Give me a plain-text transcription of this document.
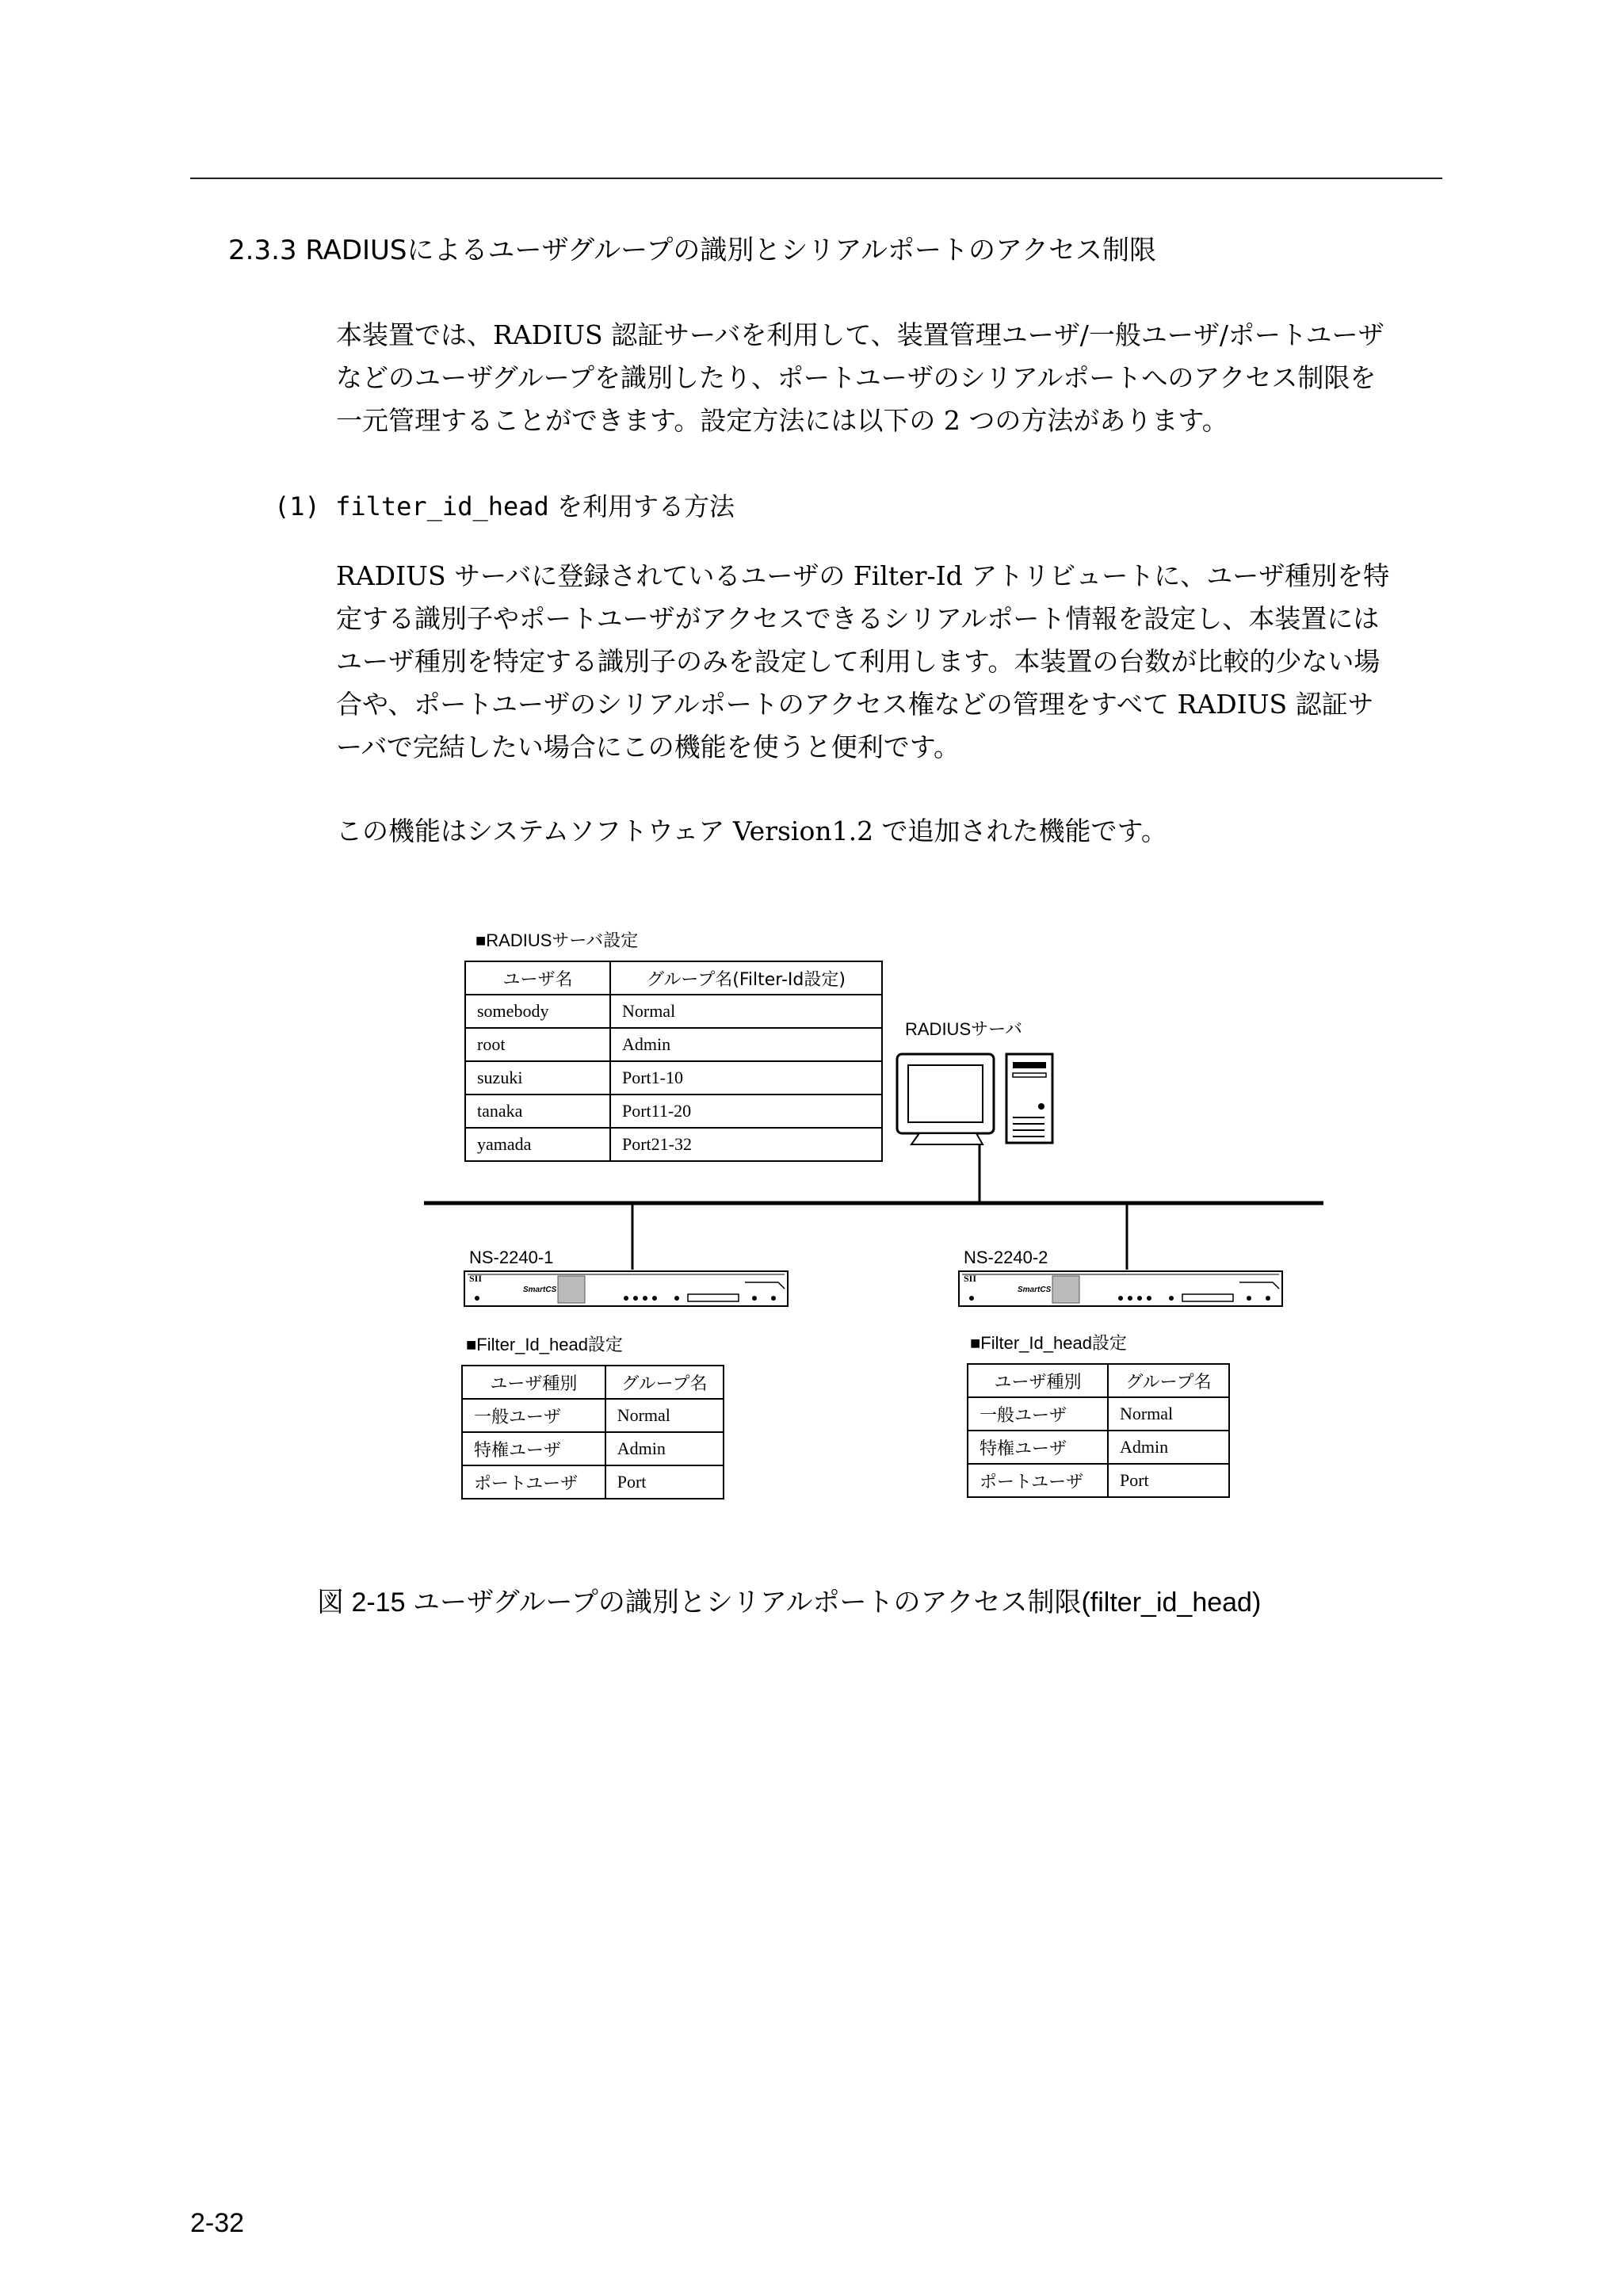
2.3.3 RADIUSによるユーザグループの識別とシリアルポートのアクセス制限
本装置では、RADIUS 認証サーバを利用して、装置管理ユーザ/一般ユーザ/ポートユーザ
などのユーザグループを識別したり、ポートユーザのシリアルポートへのアクセス制限を
一元管理することができます。設定方法には以下の 2 つの方法があります。
(1) filter_id_head を利用する方法
RADIUS サーバに登録されているユーザの Filter-Id アトリビュートに、ユーザ種別を特
定する識別子やポートユーザがアクセスできるシリアルポート情報を設定し、本装置には
ユーザ種別を特定する識別子のみを設定して利用します。本装置の台数が比較的少ない場
合や、ポートユーザのシリアルポートのアクセス権などの管理をすべて RADIUS 認証サ
ーバで完結したい場合にこの機能を使うと便利です。
この機能はシステムソフトウェア Version1.2 で追加された機能です。
SII
SmartCS
SII
SmartCS
■RADIUSサーバ設定
RADIUSサーバ
NS-2240-1	NS-2240-2
■Filter_Id_head設定	■Filter_Id_head設定
ユーザ名	グループ名(Filter-Id設定)
somebody	Normal
root	Admin
suzuki	Port1-10
tanaka	Port11-20
yamada	Port21-32
ユーザ種別	グループ名
一般ユーザ	Normal
特権ユーザ	Admin
ポートユーザ	Port
ユーザ種別	グループ名
一般ユーザ	Normal
特権ユーザ	Admin
ポートユーザ	Port
図 2-15 ユーザグループの識別とシリアルポートのアクセス制限(filter_id_head)
2-32
